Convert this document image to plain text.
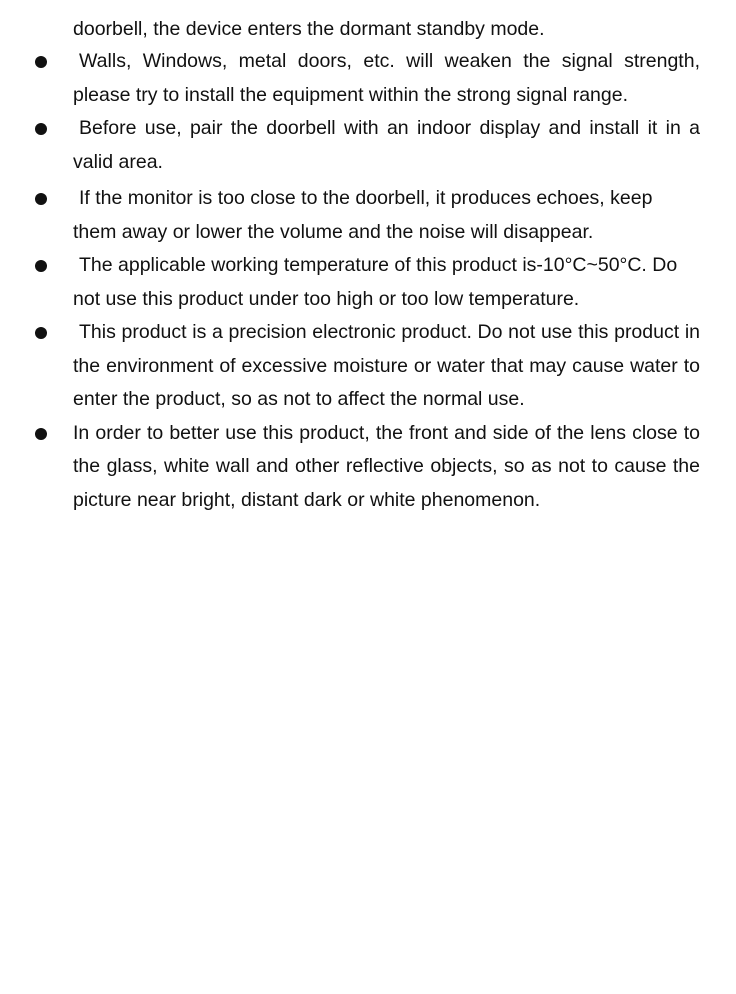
doorbell, the device enters the dormant standby mode.

Walls, Windows, metal doors, etc. will weaken the signal strength, please try to install the equipment within the strong signal range.
Before use, pair the doorbell with an indoor display and install it in a valid area.
If the monitor is too close to the doorbell, it produces echoes, keep them away or lower the volume and the noise will disappear.
The applicable working temperature of this product is-10°C~50°C. Do not use this product under too high or too low temperature.
This product is a precision electronic product. Do not use this product in the environment of excessive moisture or water that may cause water to enter the product, so as not to affect the normal use.
In order to better use this product, the front and side of the lens close to the glass, white wall and other reflective objects, so as not to cause the picture near bright, distant dark or white phenomenon.
